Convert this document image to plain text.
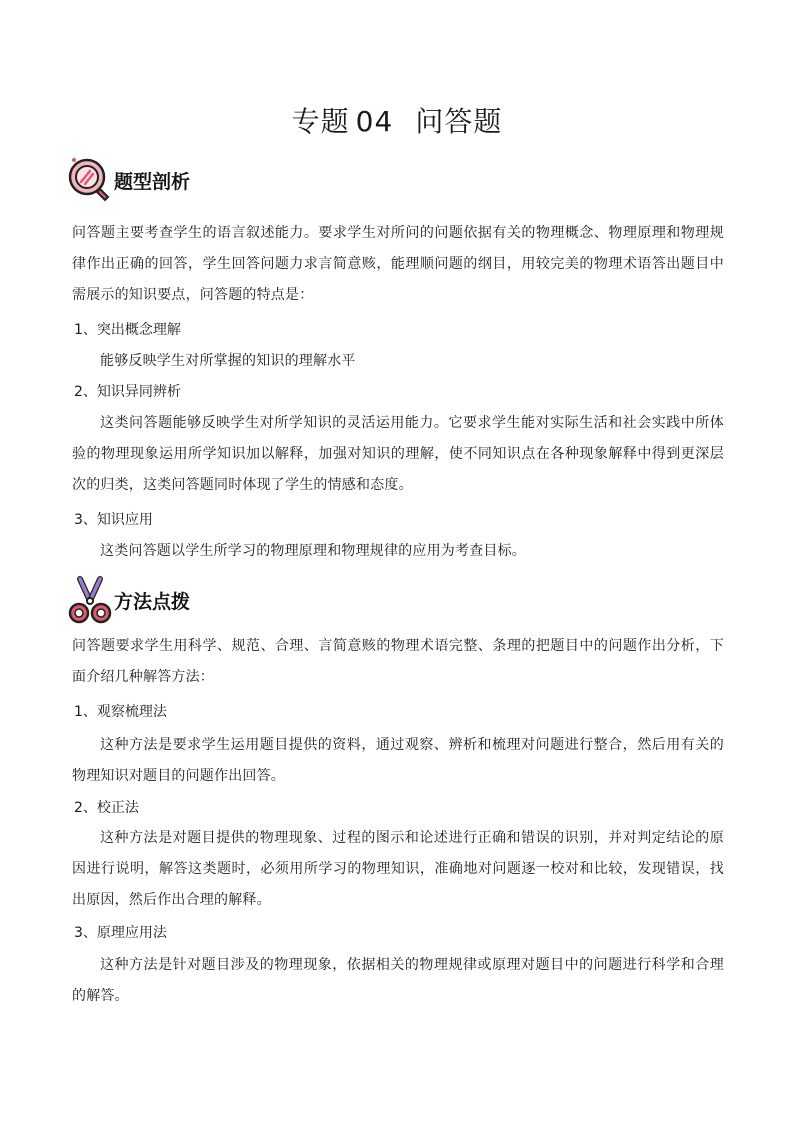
专题 04 问答题
题型剖析

问答题主要考查学生的语言叙述能力。要求学生对所问的问题依据有关的物理概念、物理原理和物理规律作出正确的回答，学生回答问题力求言简意赅，能理顺问题的纲目，用较完美的物理术语答出题目中需展示的知识要点，问答题的特点是：

1、突出概念理解

能够反映学生对所掌握的知识的理解水平

2、知识异同辨析

这类问答题能够反映学生对所学知识的灵活运用能力。它要求学生能对实际生活和社会实践中所体验的物理现象运用所学知识加以解释，加强对知识的理解，使不同知识点在各种现象解释中得到更深层次的归类，这类问答题同时体现了学生的情感和态度。

3、知识应用

这类问答题以学生所学习的物理原理和物理规律的应用为考查目标。

方法点拨

问答题要求学生用科学、规范、合理、言简意赅的物理术语完整、条理的把题目中的问题作出分析，下面介绍几种解答方法：

1、观察梳理法

这种方法是要求学生运用题目提供的资料，通过观察、辨析和梳理对问题进行整合，然后用有关的物理知识对题目的问题作出回答。

2、校正法

这种方法是对题目提供的物理现象、过程的图示和论述进行正确和错误的识别，并对判定结论的原因进行说明，解答这类题时，必须用所学习的物理知识，准确地对问题逐一校对和比较，发现错误，找出原因，然后作出合理的解释。

3、原理应用法

这种方法是针对题目涉及的物理现象，依据相关的物理规律或原理对题目中的问题进行科学和合理的解答。
